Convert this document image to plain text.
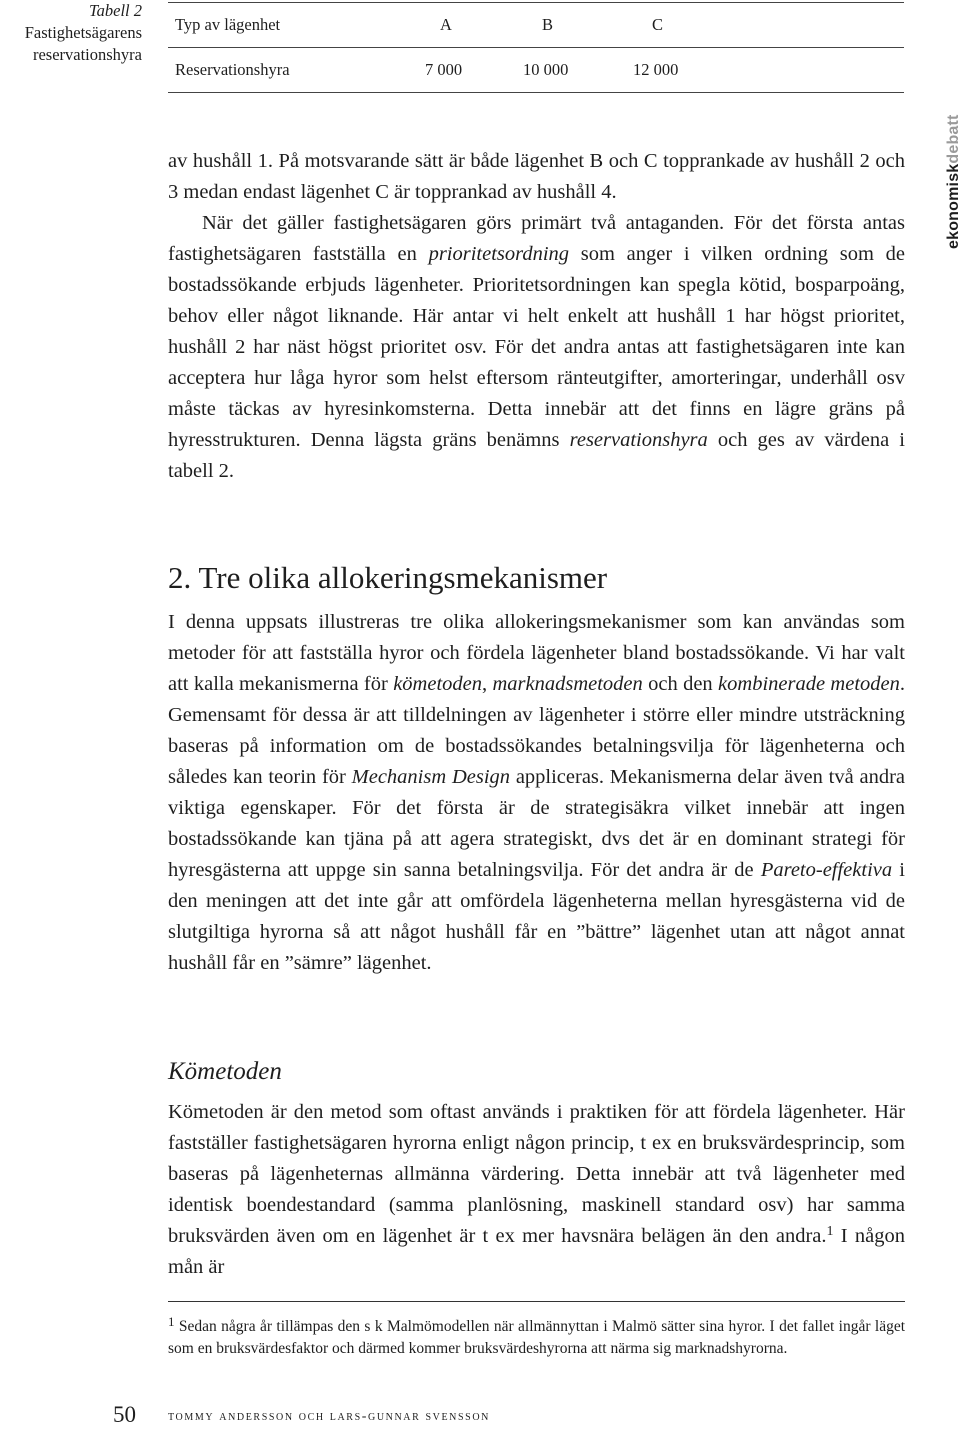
Tabell 2
Fastighetsägarens
reservationshyra
Typ av lägenhet	A	B	C
Reservationshyra	7 000	10 000	12 000

av hushåll 1. På motsvarande sätt är både lägenhet B och C topprankade av hushåll 2 och 3 medan endast lägenhet C är topprankad av hushåll 4.

När det gäller fastighetsägaren görs primärt två antaganden. För det första antas fastighetsägaren fastställa en prioritetsordning som anger i vilken ordning som de bostadssökande erbjuds lägenheter. Prioritetsordningen kan spegla kötid, bosparpoäng, behov eller något liknande. Här antar vi helt enkelt att hushåll 1 har högst prioritet, hushåll 2 har näst högst prioritet osv. För det andra antas att fastighetsägaren inte kan acceptera hur låga hyror som helst eftersom ränteutgifter, amorteringar, underhåll osv måste täckas av hyresinkomsterna. Detta innebär att det finns en lägre gräns på hyresstrukturen. Denna lägsta gräns benämns reservationshyra och ges av värdena i tabell 2.

2. Tre olika allokeringsmekanismer

I denna uppsats illustreras tre olika allokeringsmekanismer som kan användas som metoder för att fastställa hyror och fördela lägenheter bland bostadssökande. Vi har valt att kalla mekanismerna för kömetoden, marknadsmetoden och den kombinerade metoden. Gemensamt för dessa är att tilldelningen av lägenheter i större eller mindre utsträckning baseras på information om de bostadssökandes betalningsvilja för lägenheterna och således kan teorin för Mechanism Design appliceras. Mekanismerna delar även två andra viktiga egenskaper. För det första är de strategisäkra vilket innebär att ingen bostadssökande kan tjäna på att agera strategiskt, dvs det är en dominant strategi för hyresgästerna att uppge sin sanna betalningsvilja. För det andra är de Pareto-effektiva i den meningen att det inte går att omfördela lägenheterna mellan hyresgästerna vid de slutgiltiga hyrorna så att något hushåll får en ”bättre” lägenhet utan att något annat hushåll får en ”sämre” lägenhet.

Kömetoden

Kömetoden är den metod som oftast används i praktiken för att fördela lägenheter. Här fastställer fastighetsägaren hyrorna enligt någon princip, t ex en bruksvärdesprincip, som baseras på lägenheternas allmänna värdering. Detta innebär att två lägenheter med identisk boendestandard (samma planlösning, maskinell standard osv) har samma bruksvärden även om en lägenhet är t ex mer havsnära belägen än den andra.$^1$ I någon mån är

ekonomiskdebatt
$^1$ Sedan några år tillämpas den s k Malmömodellen när allmännyttan i Malmö sätter sina hyror. I det fallet ingår läget som en bruksvärdesfaktor och därmed kommer bruksvärdeshyrorna att närma sig marknadshyrorna.
50 tommy andersson och lars-gunnar svensson
